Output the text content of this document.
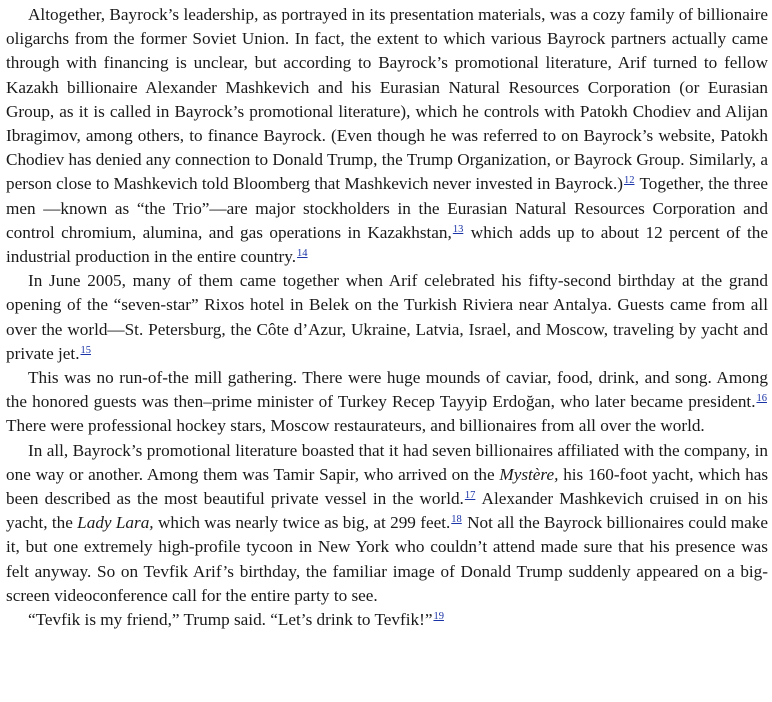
Altogether, Bayrock’s leadership, as portrayed in its presentation materials, was a cozy family of billionaire oligarchs from the former Soviet Union. In fact, the extent to which various Bayrock partners actually came through with financing is unclear, but according to Bayrock’s promotional literature, Arif turned to fellow Kazakh billionaire Alexander Mashkevich and his Eurasian Natural Resources Corporation (or Eurasian Group, as it is called in Bayrock’s promotional literature), which he controls with Patokh Chodiev and Alijan Ibragimov, among others, to finance Bayrock. (Even though he was referred to on Bayrock’s website, Patokh Chodiev has denied any connection to Donald Trump, the Trump Organization, or Bayrock Group. Similarly, a person close to Mashkevich told Bloomberg that Mashkevich never invested in Bayrock.)$^{12}$ Together, the three men —known as “the Trio”—are major stockholders in the Eurasian Natural Resources Corporation and control chromium, alumina, and gas operations in Kazakhstan,$^{13}$ which adds up to about 12 percent of the industrial production in the entire country.$^{14}$

In June 2005, many of them came together when Arif celebrated his fifty-second birthday at the grand opening of the “seven-star” Rixos hotel in Belek on the Turkish Riviera near Antalya. Guests came from all over the world—St. Petersburg, the Côte d’Azur, Ukraine, Latvia, Israel, and Moscow, traveling by yacht and private jet.$^{15}$

This was no run-of-the mill gathering. There were huge mounds of caviar, food, drink, and song. Among the honored guests was then–prime minister of Turkey Recep Tayyip Erdoğan, who later became president.$^{16}$ There were professional hockey stars, Moscow restaurateurs, and billionaires from all over the world.

In all, Bayrock’s promotional literature boasted that it had seven billionaires affiliated with the company, in one way or another. Among them was Tamir Sapir, who arrived on the Mystère, his 160-foot yacht, which has been described as the most beautiful private vessel in the world.$^{17}$ Alexander Mashkevich cruised in on his yacht, the Lady Lara, which was nearly twice as big, at 299 feet.$^{18}$ Not all the Bayrock billionaires could make it, but one extremely high-profile tycoon in New York who couldn’t attend made sure that his presence was felt anyway. So on Tevfik Arif’s birthday, the familiar image of Donald Trump suddenly appeared on a big-screen videoconference call for the entire party to see.

“Tevfik is my friend,” Trump said. “Let’s drink to Tevfik!”$^{19}$
